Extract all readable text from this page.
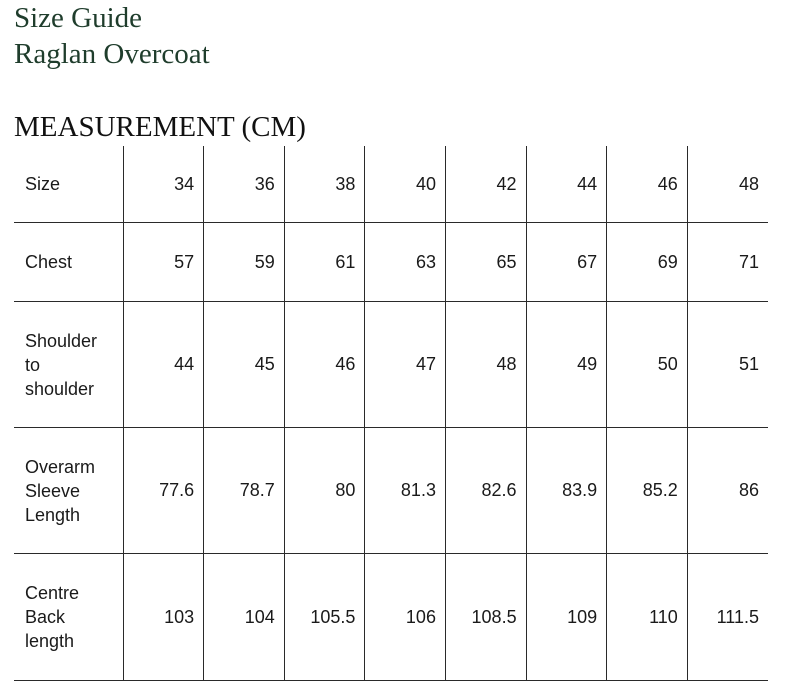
Size Guide
Raglan Overcoat
MEASUREMENT (CM)
Size	34	36	38	40	42	44	46	48

Chest	57	59	61	63	65	67	69	71

Shoulder
to
shoulder	44	45	46	47	48	49	50	51

Overarm
Sleeve
Length	77.6	78.7	80	81.3	82.6	83.9	85.2	86

Centre
Back
length	103	104	105.5	106	108.5	109	110	111.5
